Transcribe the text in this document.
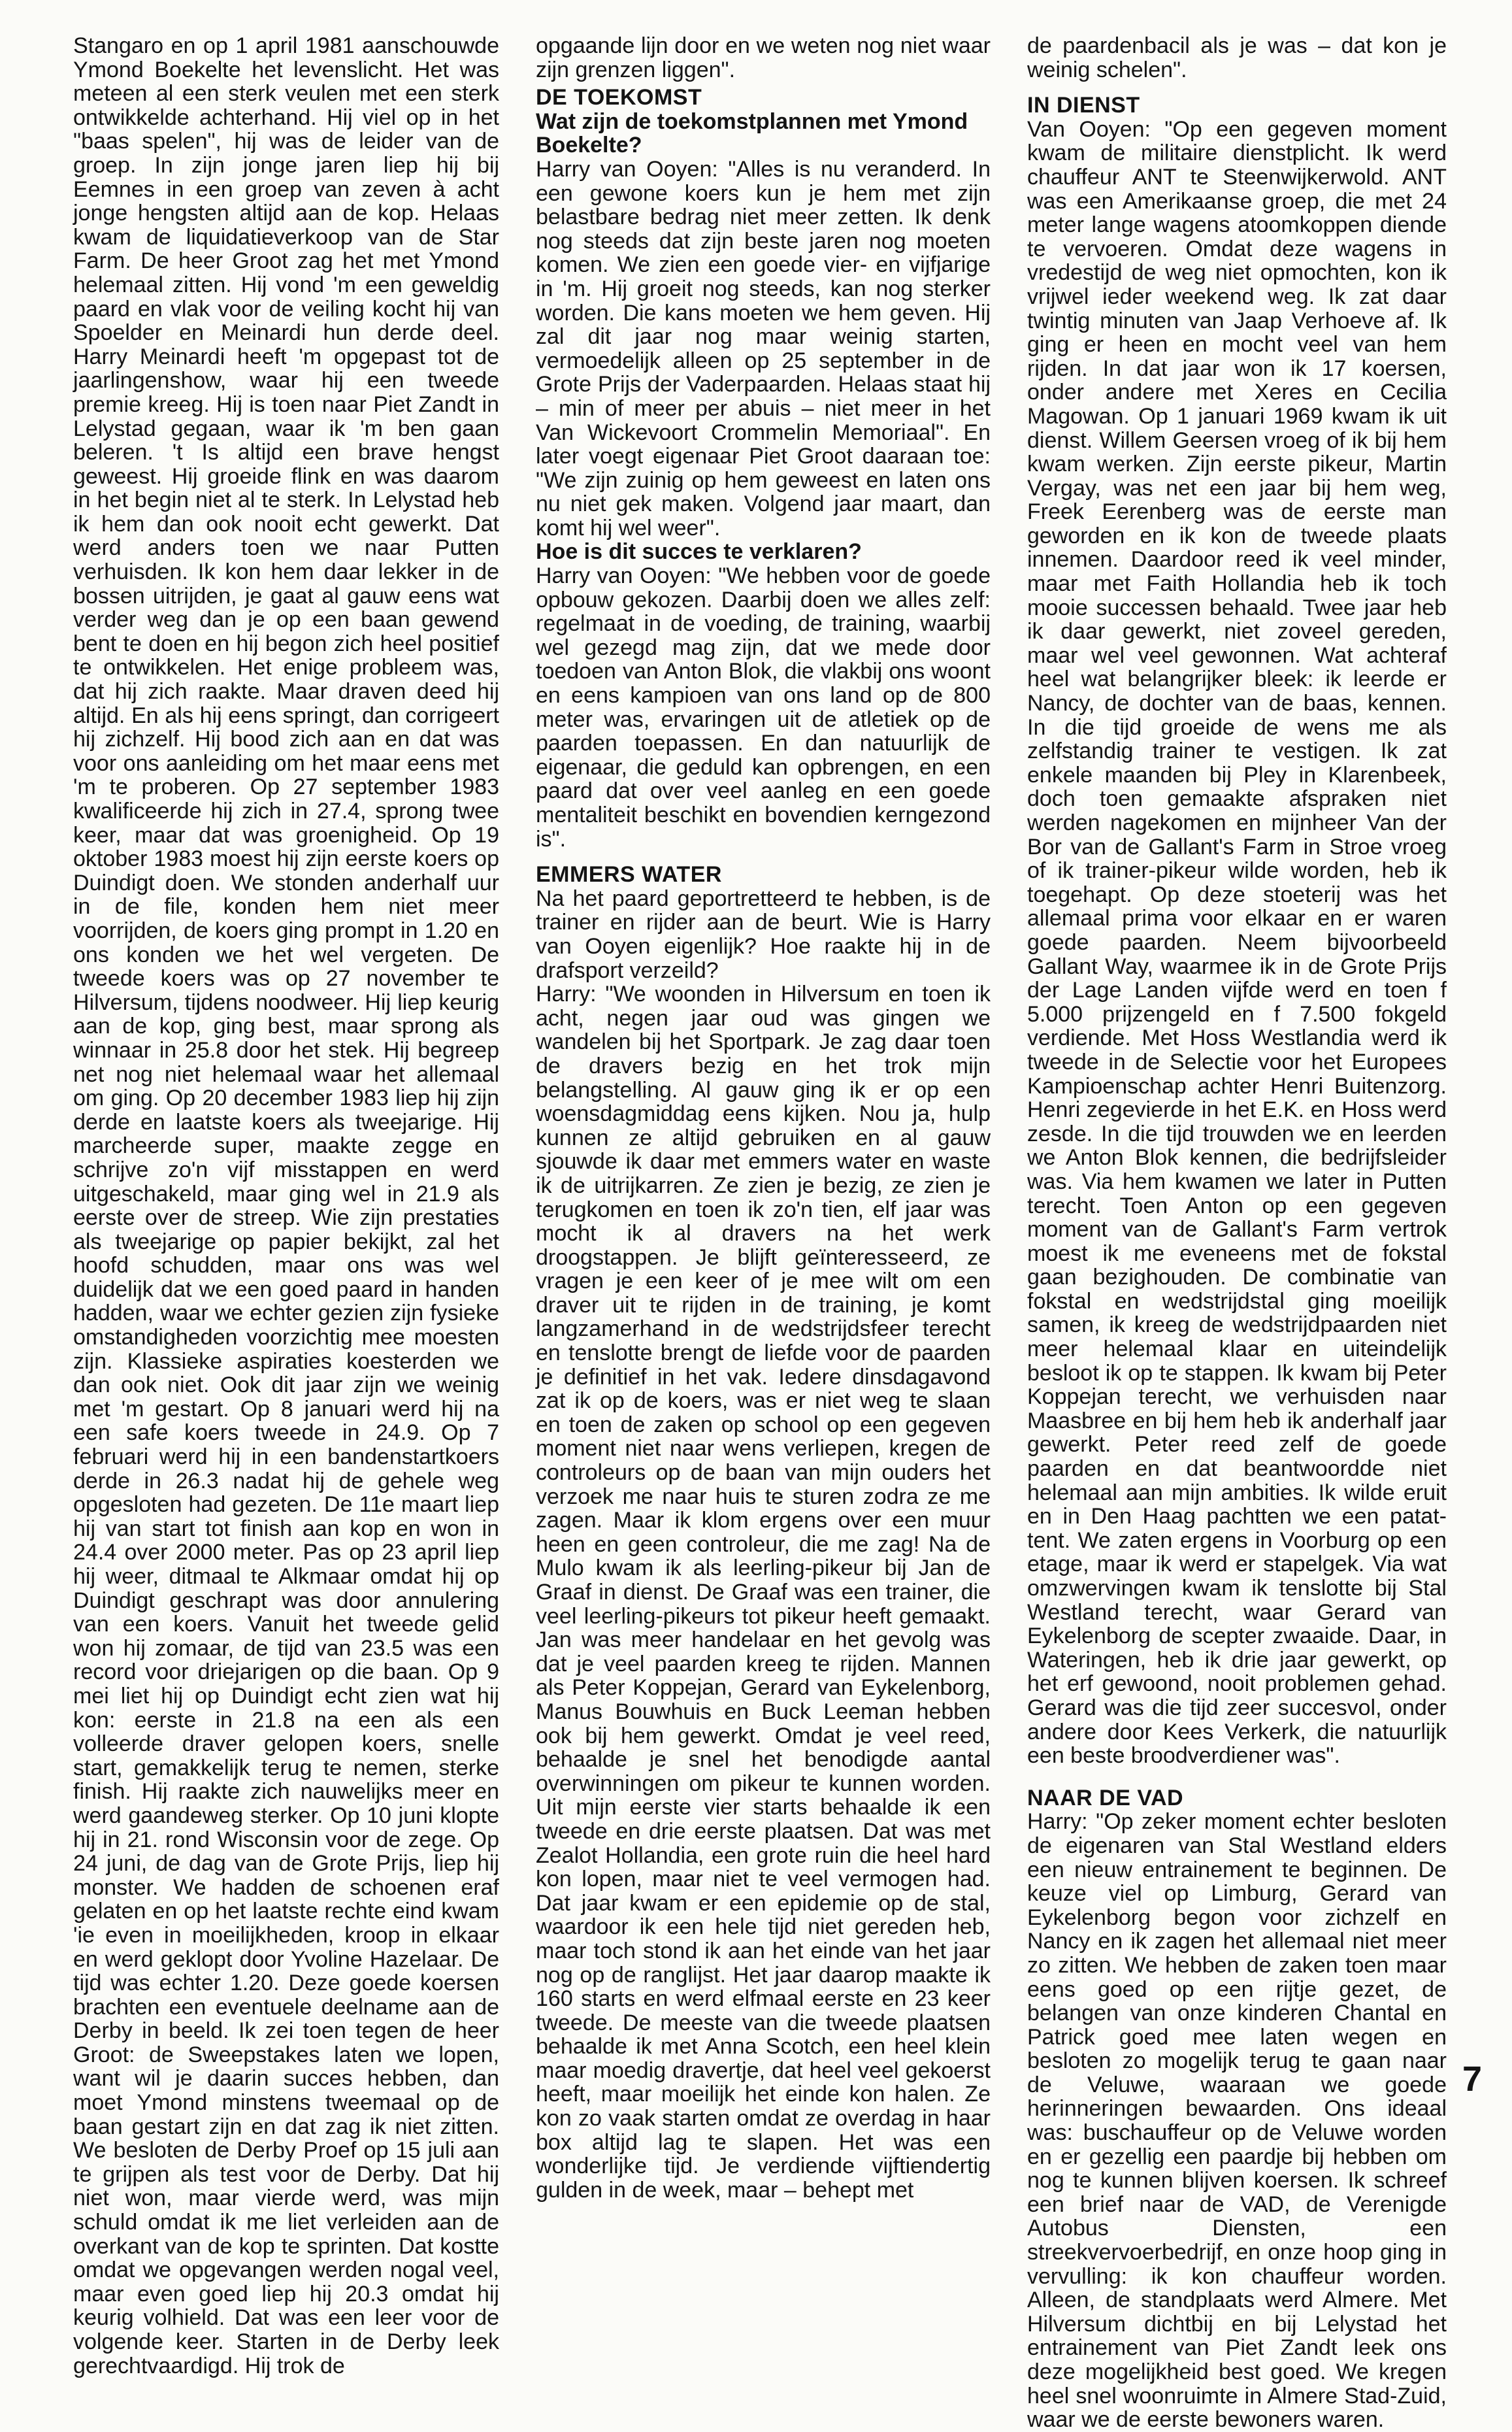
Stangaro en op 1 april 1981 aanschouwde Ymond Boekelte het levenslicht. Het was meteen al een sterk veulen met een sterk ontwikkelde achterhand. Hij viel op in het "baas spelen", hij was de leider van de groep. In zijn jonge jaren liep hij bij Eemnes in een groep van zeven à acht jonge hengsten altijd aan de kop. Helaas kwam de liquidatieverkoop van de Star Farm. De heer Groot zag het met Ymond helemaal zitten. Hij vond 'm een geweldig paard en vlak voor de veiling kocht hij van Spoelder en Meinardi hun derde deel. Harry Meinardi heeft 'm opgepast tot de jaarlingenshow, waar hij een tweede premie kreeg. Hij is toen naar Piet Zandt in Lelystad gegaan, waar ik 'm ben gaan beleren. 't Is altijd een brave hengst geweest. Hij groeide flink en was daarom in het begin niet al te sterk. In Lelystad heb ik hem dan ook nooit echt gewerkt. Dat werd anders toen we naar Putten verhuisden. Ik kon hem daar lekker in de bossen uitrijden, je gaat al gauw eens wat verder weg dan je op een baan gewend bent te doen en hij begon zich heel positief te ontwikkelen. Het enige probleem was, dat hij zich raakte. Maar draven deed hij altijd. En als hij eens springt, dan corrigeert hij zichzelf. Hij bood zich aan en dat was voor ons aanleiding om het maar eens met 'm te proberen. Op 27 september 1983 kwalificeerde hij zich in 27.4, sprong twee keer, maar dat was groenigheid. Op 19 oktober 1983 moest hij zijn eerste koers op Duindigt doen. We stonden anderhalf uur in de file, konden hem niet meer voorrijden, de koers ging prompt in 1.20 en ons konden we het wel vergeten. De tweede koers was op 27 november te Hilversum, tijdens noodweer. Hij liep keurig aan de kop, ging best, maar sprong als winnaar in 25.8 door het stek. Hij begreep net nog niet helemaal waar het allemaal om ging. Op 20 december 1983 liep hij zijn derde en laatste koers als tweejarige. Hij marcheerde super, maakte zegge en schrijve zo'n vijf misstappen en werd uitgeschakeld, maar ging wel in 21.9 als eerste over de streep. Wie zijn prestaties als tweejarige op papier bekijkt, zal het hoofd schudden, maar ons was wel duidelijk dat we een goed paard in handen hadden, waar we echter gezien zijn fysieke omstandigheden voorzichtig mee moesten zijn. Klassieke aspiraties koesterden we dan ook niet. Ook dit jaar zijn we weinig met 'm gestart. Op 8 januari werd hij na een safe koers tweede in 24.9. Op 7 februari werd hij in een bandenstartkoers derde in 26.3 nadat hij de gehele weg opgesloten had gezeten. De 11e maart liep hij van start tot finish aan kop en won in 24.4 over 2000 meter. Pas op 23 april liep hij weer, ditmaal te Alkmaar omdat hij op Duindigt geschrapt was door annulering van een koers. Vanuit het tweede gelid won hij zomaar, de tijd van 23.5 was een record voor driejarigen op die baan. Op 9 mei liet hij op Duindigt echt zien wat hij kon: eerste in 21.8 na een als een volleerde draver gelopen koers, snelle start, gemakkelijk terug te nemen, sterke finish. Hij raakte zich nauwelijks meer en werd gaandeweg sterker. Op 10 juni klopte hij in 21. rond Wisconsin voor de zege. Op 24 juni, de dag van de Grote Prijs, liep hij monster. We hadden de schoenen eraf gelaten en op het laatste rechte eind kwam 'ie even in moeilijkheden, kroop in elkaar en werd geklopt door Yvoline Hazelaar. De tijd was echter 1.20. Deze goede koersen brachten een eventuele deelname aan de Derby in beeld. Ik zei toen tegen de heer Groot: de Sweepstakes laten we lopen, want wil je daarin succes hebben, dan moet Ymond minstens tweemaal op de baan gestart zijn en dat zag ik niet zitten. We besloten de Derby Proef op 15 juli aan te grijpen als test voor de Derby. Dat hij niet won, maar vierde werd, was mijn schuld omdat ik me liet verleiden aan de overkant van de kop te sprinten. Dat kostte omdat we opgevangen werden nogal veel, maar even goed liep hij 20.3 omdat hij keurig volhield. Dat was een leer voor de volgende keer. Starten in de Derby leek gerechtvaardigd. Hij trok de

opgaande lijn door en we weten nog niet waar zijn grenzen liggen".

DE TOEKOMST
Wat zijn de toekomstplannen met Ymond Boekelte?

Harry van Ooyen: "Alles is nu veranderd. In een gewone koers kun je hem met zijn belastbare bedrag niet meer zetten. Ik denk nog steeds dat zijn beste jaren nog moeten komen. We zien een goede vier- en vijfjarige in 'm. Hij groeit nog steeds, kan nog sterker worden. Die kans moeten we hem geven. Hij zal dit jaar nog maar weinig starten, vermoedelijk alleen op 25 september in de Grote Prijs der Vaderpaarden. Helaas staat hij – min of meer per abuis – niet meer in het Van Wickevoort Crommelin Memoriaal". En later voegt eigenaar Piet Groot daaraan toe: "We zijn zuinig op hem geweest en laten ons nu niet gek maken. Volgend jaar maart, dan komt hij wel weer".

Hoe is dit succes te verklaren?

Harry van Ooyen: "We hebben voor de goede opbouw gekozen. Daarbij doen we alles zelf: regelmaat in de voeding, de training, waarbij wel gezegd mag zijn, dat we mede door toedoen van Anton Blok, die vlakbij ons woont en eens kampioen van ons land op de 800 meter was, ervaringen uit de atletiek op de paarden toepassen. En dan natuurlijk de eigenaar, die geduld kan opbrengen, en een paard dat over veel aanleg en een goede mentaliteit beschikt en bovendien kerngezond is".

EMMERS WATER

Na het paard geportretteerd te hebben, is de trainer en rijder aan de beurt. Wie is Harry van Ooyen eigenlijk? Hoe raakte hij in de drafsport verzeild?

Harry: "We woonden in Hilversum en toen ik acht, negen jaar oud was gingen we wandelen bij het Sportpark. Je zag daar toen de dravers bezig en het trok mijn belangstelling. Al gauw ging ik er op een woensdagmiddag eens kijken. Nou ja, hulp kunnen ze altijd gebruiken en al gauw sjouwde ik daar met emmers water en waste ik de uitrijkarren. Ze zien je bezig, ze zien je terugkomen en toen ik zo'n tien, elf jaar was mocht ik al dravers na het werk droogstappen. Je blijft geïnteresseerd, ze vragen je een keer of je mee wilt om een draver uit te rijden in de training, je komt langzamerhand in de wedstrijdsfeer terecht en tenslotte brengt de liefde voor de paarden je definitief in het vak. Iedere dinsdagavond zat ik op de koers, was er niet weg te slaan en toen de zaken op school op een gegeven moment niet naar wens verliepen, kregen de controleurs op de baan van mijn ouders het verzoek me naar huis te sturen zodra ze me zagen. Maar ik klom ergens over een muur heen en geen controleur, die me zag! Na de Mulo kwam ik als leerling-pikeur bij Jan de Graaf in dienst. De Graaf was een trainer, die veel leerling-pikeurs tot pikeur heeft gemaakt. Jan was meer handelaar en het gevolg was dat je veel paarden kreeg te rijden. Mannen als Peter Koppejan, Gerard van Eykelenborg, Manus Bouwhuis en Buck Leeman hebben ook bij hem gewerkt. Omdat je veel reed, behaalde je snel het benodigde aantal overwinningen om pikeur te kunnen worden. Uit mijn eerste vier starts behaalde ik een tweede en drie eerste plaatsen. Dat was met Zealot Hollandia, een grote ruin die heel hard kon lopen, maar niet te veel vermogen had. Dat jaar kwam er een epidemie op de stal, waardoor ik een hele tijd niet gereden heb, maar toch stond ik aan het einde van het jaar nog op de ranglijst. Het jaar daarop maakte ik 160 starts en werd elfmaal eerste en 23 keer tweede. De meeste van die tweede plaatsen behaalde ik met Anna Scotch, een heel klein maar moedig dravertje, dat heel veel gekoerst heeft, maar moeilijk het einde kon halen. Ze kon zo vaak starten omdat ze overdag in haar box altijd lag te slapen. Het was een wonderlijke tijd. Je verdiende vijftiendertig gulden in de week, maar – behept met

de paardenbacil als je was – dat kon je weinig schelen".

IN DIENST

Van Ooyen: "Op een gegeven moment kwam de militaire dienstplicht. Ik werd chauffeur ANT te Steenwijkerwold. ANT was een Amerikaanse groep, die met 24 meter lange wagens atoomkoppen diende te vervoeren. Omdat deze wagens in vredestijd de weg niet opmochten, kon ik vrijwel ieder weekend weg. Ik zat daar twintig minuten van Jaap Verhoeve af. Ik ging er heen en mocht veel van hem rijden. In dat jaar won ik 17 koersen, onder andere met Xeres en Cecilia Magowan. Op 1 januari 1969 kwam ik uit dienst. Willem Geersen vroeg of ik bij hem kwam werken. Zijn eerste pikeur, Martin Vergay, was net een jaar bij hem weg, Freek Eerenberg was de eerste man geworden en ik kon de tweede plaats innemen. Daardoor reed ik veel minder, maar met Faith Hollandia heb ik toch mooie successen behaald. Twee jaar heb ik daar gewerkt, niet zoveel gereden, maar wel veel gewonnen. Wat achteraf heel wat belangrijker bleek: ik leerde er Nancy, de dochter van de baas, kennen. In die tijd groeide de wens me als zelfstandig trainer te vestigen. Ik zat enkele maanden bij Pley in Klarenbeek, doch toen gemaakte afspraken niet werden nagekomen en mijnheer Van der Bor van de Gallant's Farm in Stroe vroeg of ik trainer-pikeur wilde worden, heb ik toegehapt. Op deze stoeterij was het allemaal prima voor elkaar en er waren goede paarden. Neem bijvoorbeeld Gallant Way, waarmee ik in de Grote Prijs der Lage Landen vijfde werd en toen f 5.000 prijzengeld en f 7.500 fokgeld verdiende. Met Hoss Westlandia werd ik tweede in de Selectie voor het Europees Kampioenschap achter Henri Buitenzorg. Henri zegevierde in het E.K. en Hoss werd zesde. In die tijd trouwden we en leerden we Anton Blok kennen, die bedrijfsleider was. Via hem kwamen we later in Putten terecht. Toen Anton op een gegeven moment van de Gallant's Farm vertrok moest ik me eveneens met de fokstal gaan bezighouden. De combinatie van fokstal en wedstrijdstal ging moeilijk samen, ik kreeg de wedstrijdpaarden niet meer helemaal klaar en uiteindelijk besloot ik op te stappen. Ik kwam bij Peter Koppejan terecht, we verhuisden naar Maasbree en bij hem heb ik anderhalf jaar gewerkt. Peter reed zelf de goede paarden en dat beantwoordde niet helemaal aan mijn ambities. Ik wilde eruit en in Den Haag pachtten we een patat-tent. We zaten ergens in Voorburg op een etage, maar ik werd er stapelgek. Via wat omzwervingen kwam ik tenslotte bij Stal Westland terecht, waar Gerard van Eykelenborg de scepter zwaaide. Daar, in Wateringen, heb ik drie jaar gewerkt, op het erf gewoond, nooit problemen gehad. Gerard was die tijd zeer succesvol, onder andere door Kees Verkerk, die natuurlijk een beste broodverdiener was".

NAAR DE VAD

Harry: "Op zeker moment echter besloten de eigenaren van Stal Westland elders een nieuw entrainement te beginnen. De keuze viel op Limburg, Gerard van Eykelenborg begon voor zichzelf en Nancy en ik zagen het allemaal niet meer zo zitten. We hebben de zaken toen maar eens goed op een rijtje gezet, de belangen van onze kinderen Chantal en Patrick goed mee laten wegen en besloten zo mogelijk terug te gaan naar de Veluwe, waaraan we goede herinneringen bewaarden. Ons ideaal was: buschauffeur op de Veluwe worden en er gezellig een paardje bij hebben om nog te kunnen blijven koersen. Ik schreef een brief naar de VAD, de Verenigde Autobus Diensten, een streekvervoerbedrijf, en onze hoop ging in vervulling: ik kon chauffeur worden. Alleen, de standplaats werd Almere. Met Hilversum dichtbij en bij Lelystad het entrainement van Piet Zandt leek ons deze mogelijkheid best goed. We kregen heel snel woonruimte in Almere Stad-Zuid, waar we de eerste bewoners waren.

7
